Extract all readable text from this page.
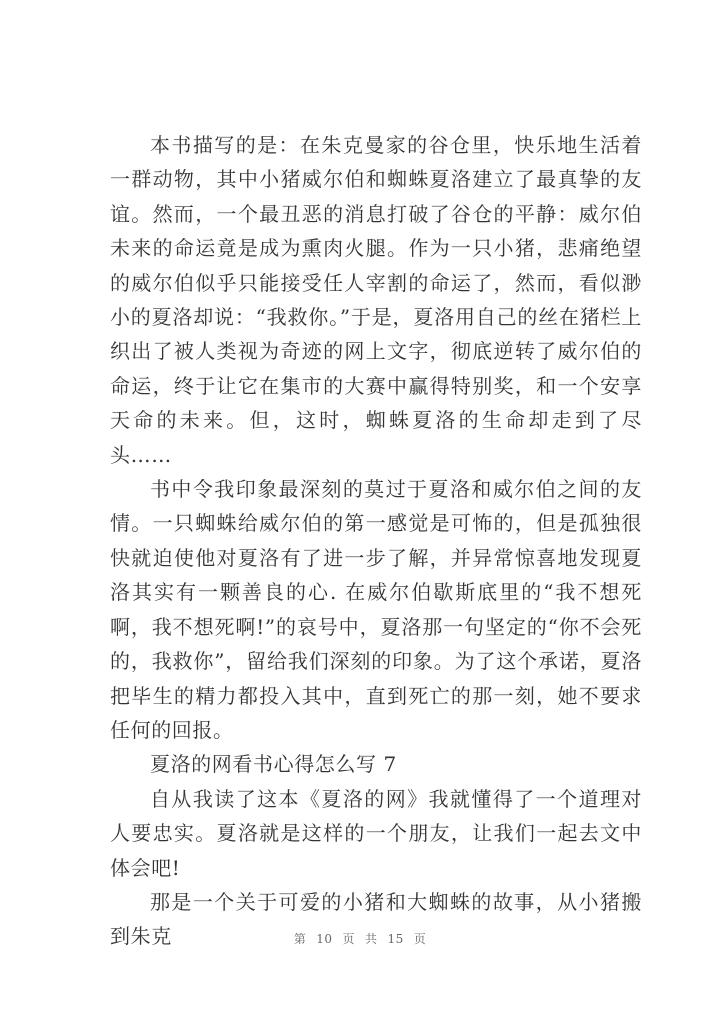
本书描写的是：在朱克曼家的谷仓里，快乐地生活着一群动物，其中小猪威尔伯和蜘蛛夏洛建立了最真挚的友谊。然而，一个最丑恶的消息打破了谷仓的平静：威尔伯未来的命运竟是成为熏肉火腿。作为一只小猪，悲痛绝望的威尔伯似乎只能接受任人宰割的命运了，然而，看似渺小的夏洛却说：“我救你。”于是，夏洛用自己的丝在猪栏上织出了被人类视为奇迹的网上文字，彻底逆转了威尔伯的命运，终于让它在集市的大赛中赢得特别奖，和一个安享天命的未来。但，这时，蜘蛛夏洛的生命却走到了尽头……

书中令我印象最深刻的莫过于夏洛和威尔伯之间的友情。一只蜘蛛给威尔伯的第一感觉是可怖的，但是孤独很快就迫使他对夏洛有了进一步了解，并异常惊喜地发现夏洛其实有一颗善良的心. 在威尔伯歇斯底里的“我不想死啊，我不想死啊!”的哀号中，夏洛那一句坚定的“你不会死的，我救你”，留给我们深刻的印象。为了这个承诺，夏洛把毕生的精力都投入其中，直到死亡的那一刻，她不要求任何的回报。

夏洛的网看书心得怎么写 7

自从我读了这本《夏洛的网》我就懂得了一个道理对人要忠实。夏洛就是这样的一个朋友，让我们一起去文中体会吧!

那是一个关于可爱的小猪和大蜘蛛的故事，从小猪搬到朱克	第 10 页 共 15 页
